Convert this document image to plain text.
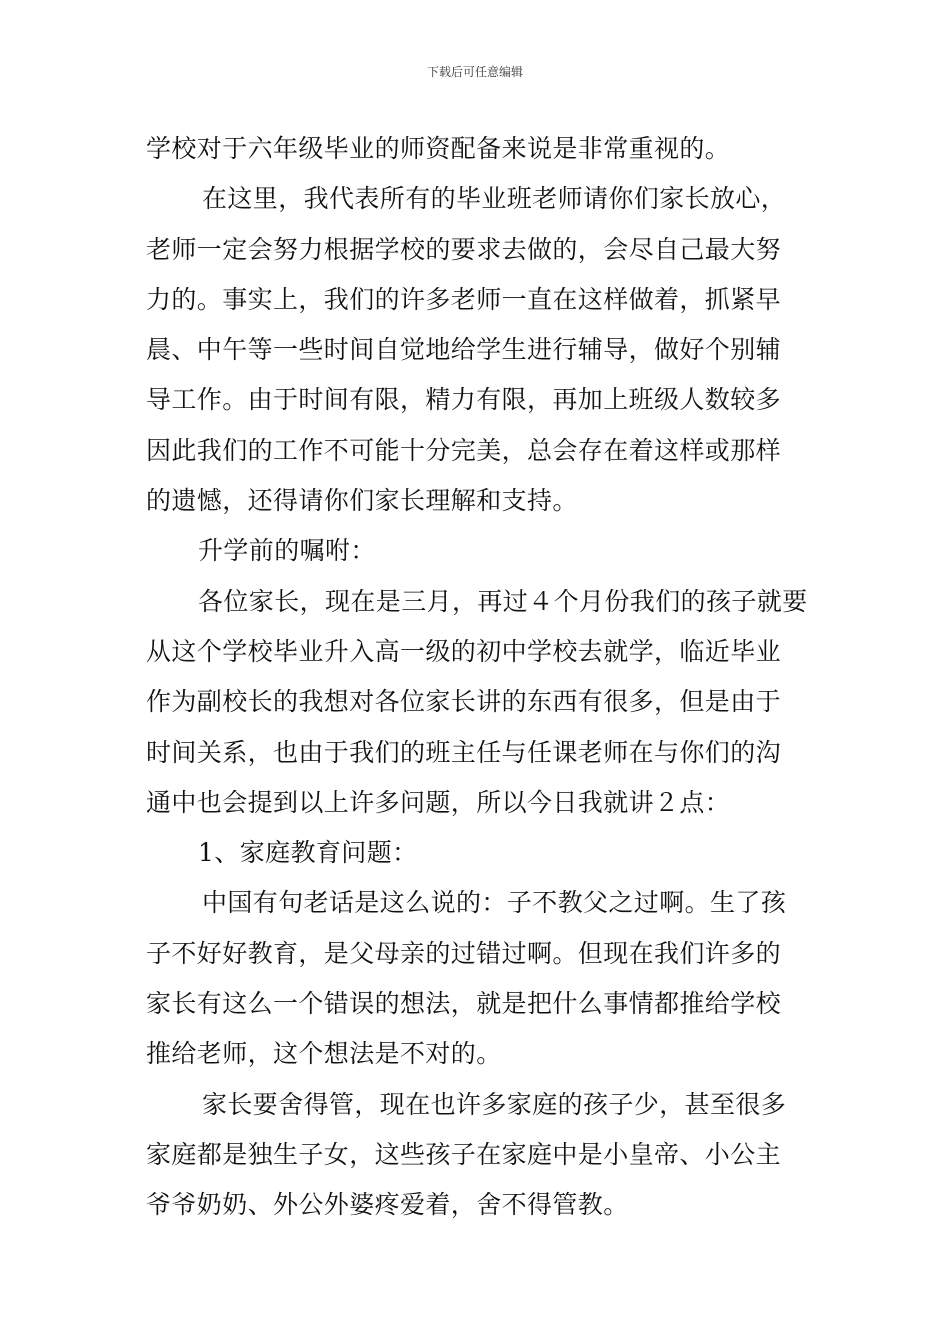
下载后可任意编辑
学校对于六年级毕业的师资配备来说是非常重视的。
在这里，我代表所有的毕业班老师请你们家长放心，
老师一定会努力根据学校的要求去做的，会尽自己最大努
力的。事实上，我们的许多老师一直在这样做着，抓紧早
晨、中午等一些时间自觉地给学生进行辅导，做好个别辅
导工作。由于时间有限，精力有限，再加上班级人数较多
因此我们的工作不可能十分完美，总会存在着这样或那样
的遗憾，还得请你们家长理解和支持。
升学前的嘱咐：
各位家长，现在是三月，再过４个月份我们的孩子就要
从这个学校毕业升入高一级的初中学校去就学，临近毕业
作为副校长的我想对各位家长讲的东西有很多，但是由于
时间关系，也由于我们的班主任与任课老师在与你们的沟
通中也会提到以上许多问题，所以今日我就讲２点：
1、家庭教育问题：
中国有句老话是这么说的：子不教父之过啊。生了孩
子不好好教育，是父母亲的过错过啊。但现在我们许多的
家长有这么一个错误的想法，就是把什么事情都推给学校
推给老师，这个想法是不对的。
家长要舍得管，现在也许多家庭的孩子少，甚至很多
家庭都是独生子女，这些孩子在家庭中是小皇帝、小公主
爷爷奶奶、外公外婆疼爱着，舍不得管教。
